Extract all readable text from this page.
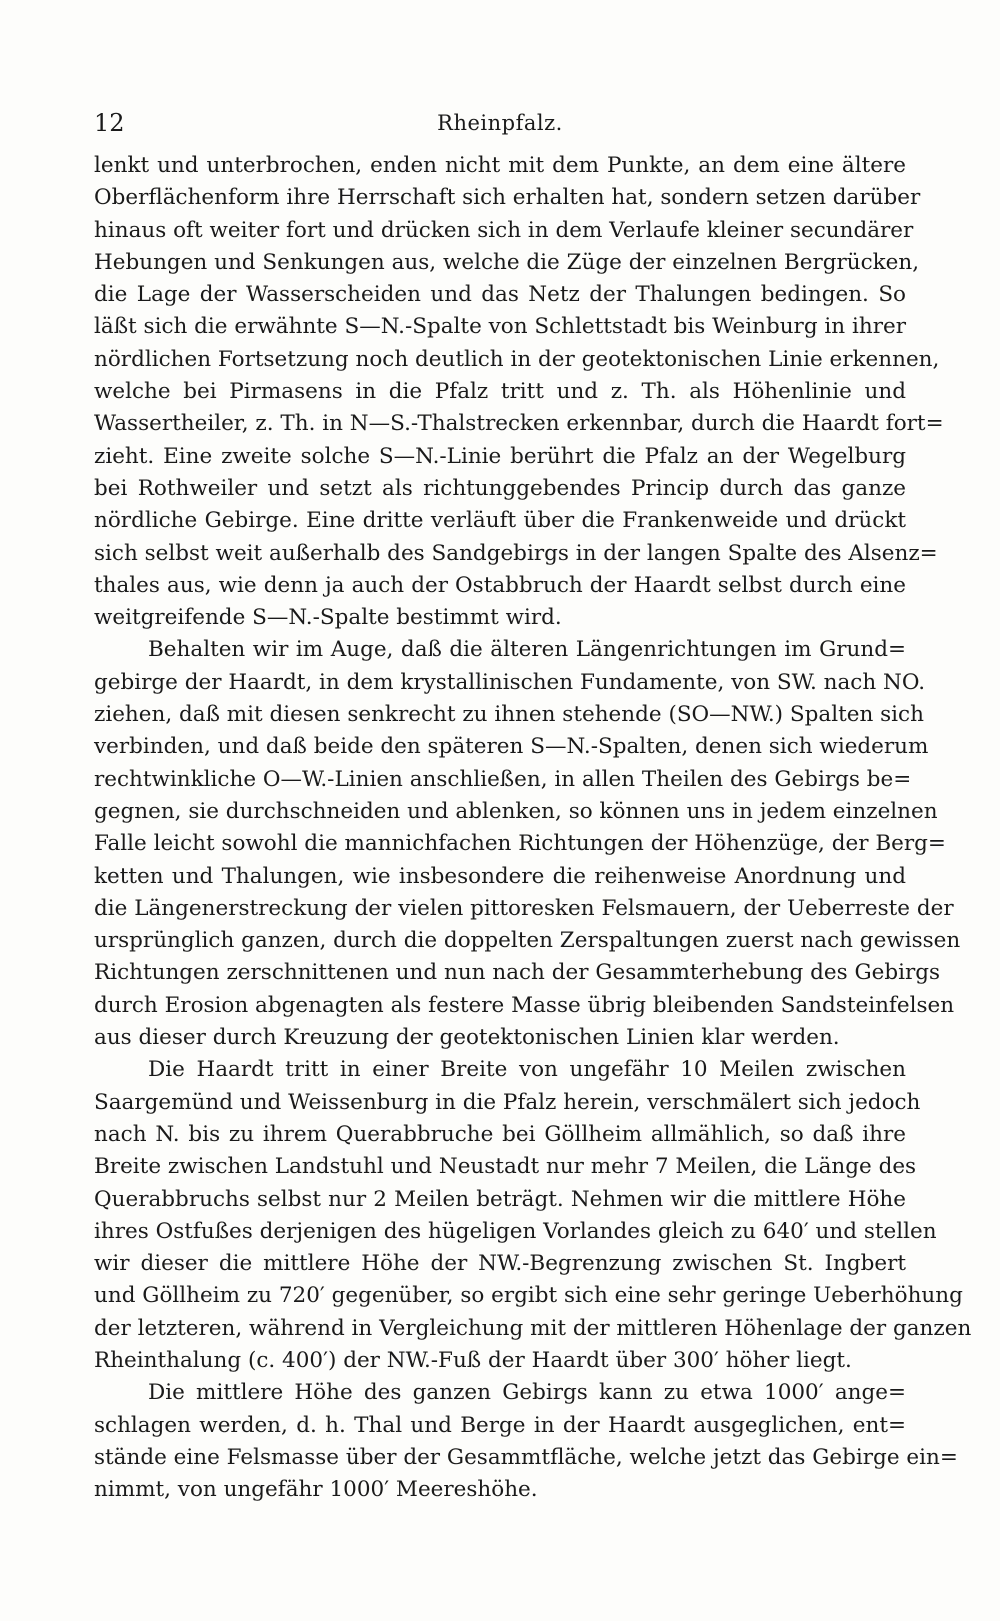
12	Rheinpfalz.
lenkt und unterbrochen, enden nicht mit dem Punkte, an dem eine ältere
Oberflächenform ihre Herrschaft sich erhalten hat, sondern setzen darüber
hinaus oft weiter fort und drücken sich in dem Verlaufe kleiner secundärer
Hebungen und Senkungen aus, welche die Züge der einzelnen Bergrücken,
die Lage der Wasserscheiden und das Netz der Thalungen bedingen. So
läßt sich die erwähnte S—N.-Spalte von Schlettstadt bis Weinburg in ihrer
nördlichen Fortsetzung noch deutlich in der geotektonischen Linie erkennen,
welche bei Pirmasens in die Pfalz tritt und z. Th. als Höhenlinie und
Wassertheiler, z. Th. in N—S.-Thalstrecken erkennbar, durch die Haardt fort=
zieht. Eine zweite solche S—N.-Linie berührt die Pfalz an der Wegelburg
bei Rothweiler und setzt als richtunggebendes Princip durch das ganze
nördliche Gebirge. Eine dritte verläuft über die Frankenweide und drückt
sich selbst weit außerhalb des Sandgebirgs in der langen Spalte des Alsenz=
thales aus, wie denn ja auch der Ostabbruch der Haardt selbst durch eine
weitgreifende S—N.-Spalte bestimmt wird.
Behalten wir im Auge, daß die älteren Längenrichtungen im Grund=
gebirge der Haardt, in dem krystallinischen Fundamente, von SW. nach NO.
ziehen, daß mit diesen senkrecht zu ihnen stehende (SO—NW.) Spalten sich
verbinden, und daß beide den späteren S—N.-Spalten, denen sich wiederum
rechtwinkliche O—W.-Linien anschließen, in allen Theilen des Gebirgs be=
gegnen, sie durchschneiden und ablenken, so können uns in jedem einzelnen
Falle leicht sowohl die mannichfachen Richtungen der Höhenzüge, der Berg=
ketten und Thalungen, wie insbesondere die reihenweise Anordnung und
die Längenerstreckung der vielen pittoresken Felsmauern, der Ueberreste der
ursprünglich ganzen, durch die doppelten Zerspaltungen zuerst nach gewissen
Richtungen zerschnittenen und nun nach der Gesammterhebung des Gebirgs
durch Erosion abgenagten als festere Masse übrig bleibenden Sandsteinfelsen
aus dieser durch Kreuzung der geotektonischen Linien klar werden.
Die Haardt tritt in einer Breite von ungefähr 10 Meilen zwischen
Saargemünd und Weissenburg in die Pfalz herein, verschmälert sich jedoch
nach N. bis zu ihrem Querabbruche bei Göllheim allmählich, so daß ihre
Breite zwischen Landstuhl und Neustadt nur mehr 7 Meilen, die Länge des
Querabbruchs selbst nur 2 Meilen beträgt. Nehmen wir die mittlere Höhe
ihres Ostfußes derjenigen des hügeligen Vorlandes gleich zu 640′ und stellen
wir dieser die mittlere Höhe der NW.-Begrenzung zwischen St. Ingbert
und Göllheim zu 720′ gegenüber, so ergibt sich eine sehr geringe Ueberhöhung
der letzteren, während in Vergleichung mit der mittleren Höhenlage der ganzen
Rheinthalung (c. 400′) der NW.-Fuß der Haardt über 300′ höher liegt.
Die mittlere Höhe des ganzen Gebirgs kann zu etwa 1000′ ange=
schlagen werden, d. h. Thal und Berge in der Haardt ausgeglichen, ent=
stände eine Felsmasse über der Gesammtfläche, welche jetzt das Gebirge ein=
nimmt, von ungefähr 1000′ Meereshöhe.
